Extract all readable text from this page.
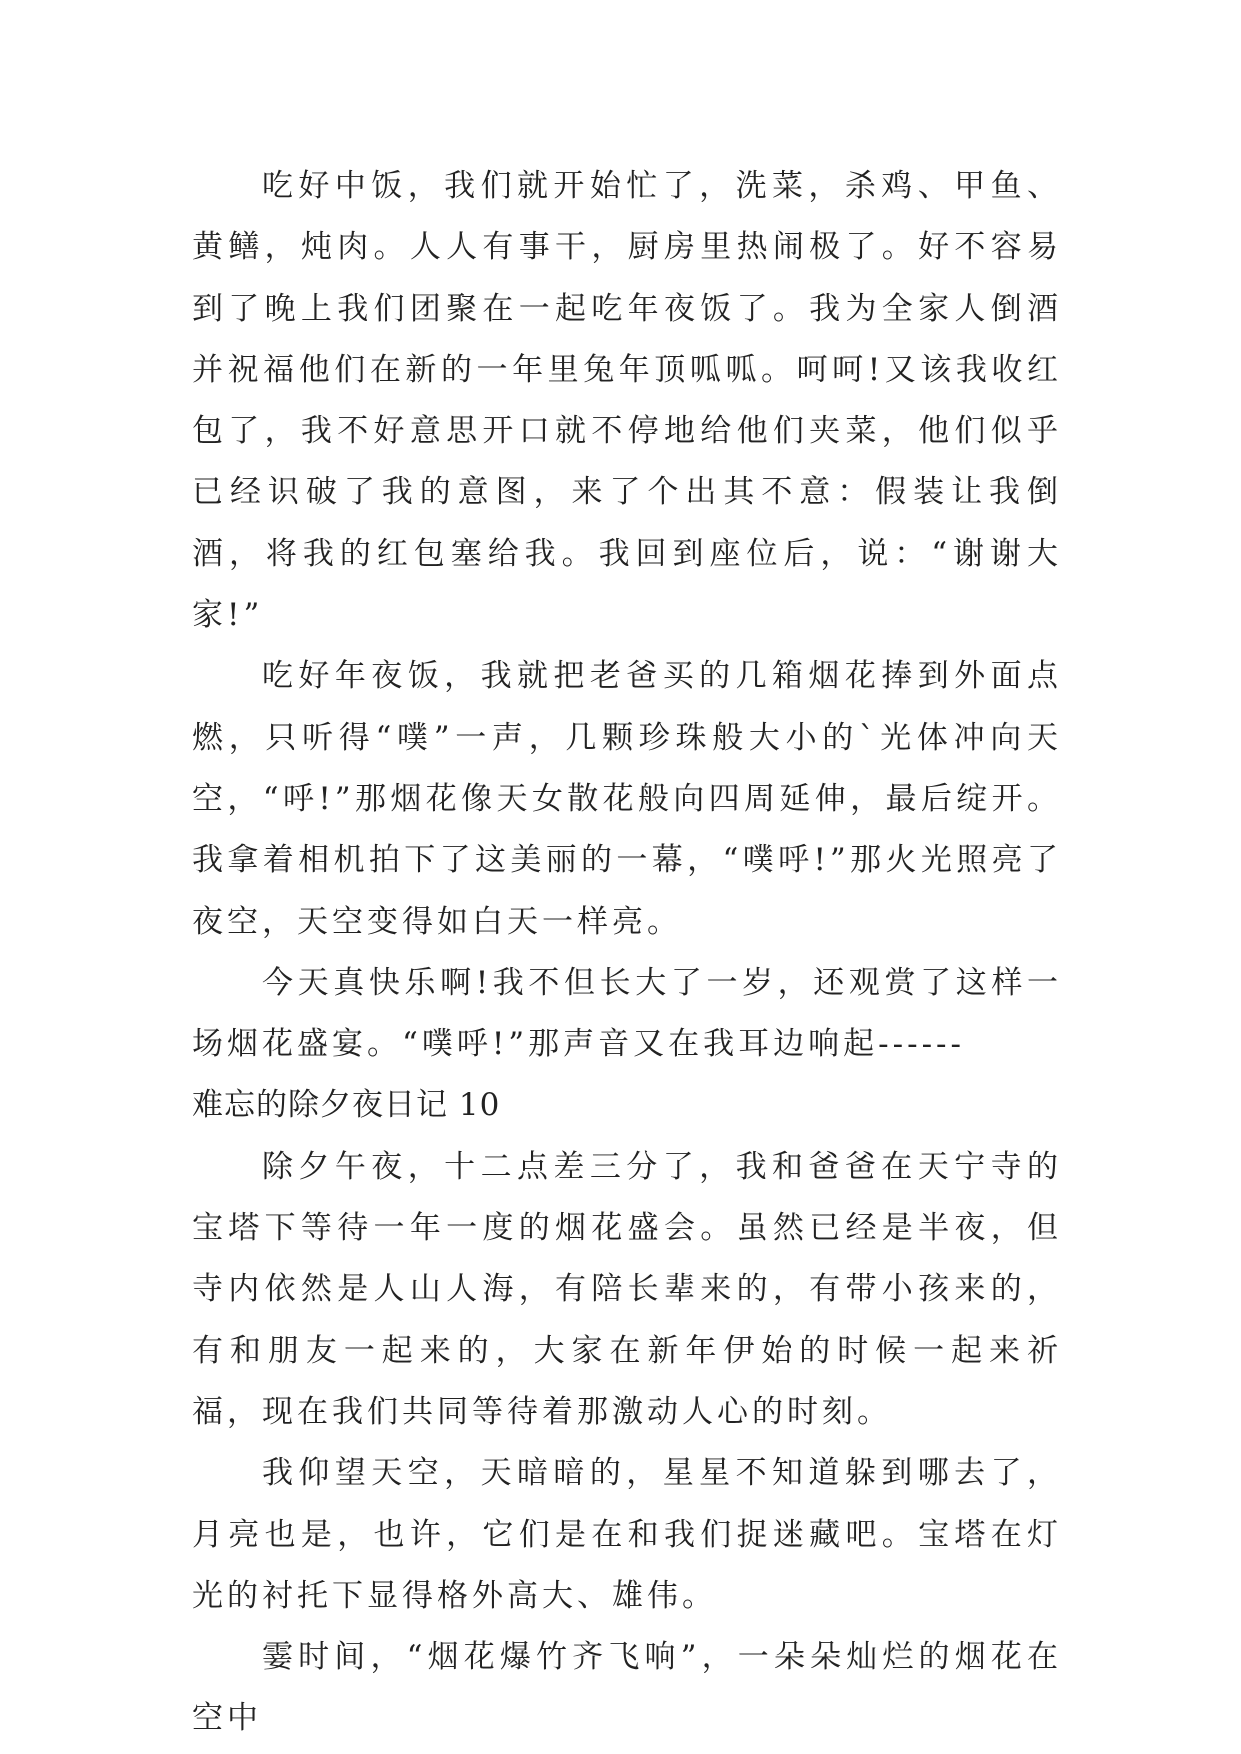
吃好中饭，我们就开始忙了，洗菜，杀鸡、甲鱼、黄鳝，炖肉。人人有事干，厨房里热闹极了。好不容易到了晚上我们团聚在一起吃年夜饭了。我为全家人倒酒并祝福他们在新的一年里兔年顶呱呱。呵呵!又该我收红包了，我不好意思开口就不停地给他们夹菜，他们似乎已经识破了我的意图，来了个出其不意：假装让我倒酒，将我的红包塞给我。我回到座位后，说：“谢谢大家!”

吃好年夜饭，我就把老爸买的几箱烟花捧到外面点燃，只听得“噗”一声，几颗珍珠般大小的`光体冲向天空，“呼!”那烟花像天女散花般向四周延伸，最后绽开。我拿着相机拍下了这美丽的一幕，“噗呼!”那火光照亮了夜空，天空变得如白天一样亮。

今天真快乐啊!我不但长大了一岁，还观赏了这样一场烟花盛宴。“噗呼!”那声音又在我耳边响起------

难忘的除夕夜日记 10

除夕午夜，十二点差三分了，我和爸爸在天宁寺的宝塔下等待一年一度的烟花盛会。虽然已经是半夜，但寺内依然是人山人海，有陪长辈来的，有带小孩来的，有和朋友一起来的，大家在新年伊始的时候一起来祈福，现在我们共同等待着那激动人心的时刻。

我仰望天空，天暗暗的，星星不知道躲到哪去了，月亮也是，也许，它们是在和我们捉迷藏吧。宝塔在灯光的衬托下显得格外高大、雄伟。

霎时间，“烟花爆竹齐飞响”，一朵朵灿烂的烟花在空中
